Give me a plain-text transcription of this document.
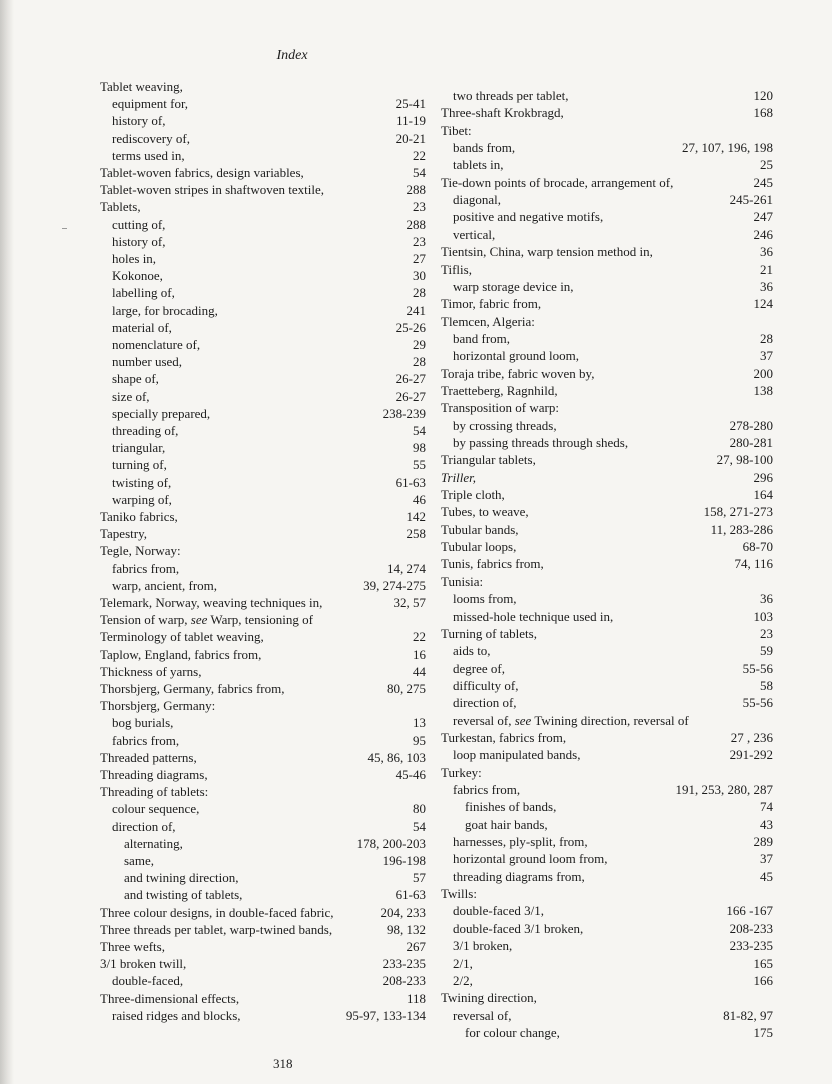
Index
Tablet weaving,
equipment for,	25-41
history of,	11-19
rediscovery of,	20-21
terms used in,	22
Tablet-woven fabrics, design variables,	54
Tablet-woven stripes in shaftwoven textile,	288
Tablets,	23
cutting of,	288
history of,	23
holes in,	27
Kokonoe,	30
labelling of,	28
large, for brocading,	241
material of,	25-26
nomenclature of,	29
number used,	28
shape of,	26-27
size of,	26-27
specially prepared,	238-239
threading of,	54
triangular,	98
turning of,	55
twisting of,	61-63
warping of,	46
Taniko fabrics,	142
Tapestry,	258
Tegle, Norway:
fabrics from,	14, 274
warp, ancient, from,	39, 274-275
Telemark, Norway, weaving techniques in,	32, 57
Tension of warp, see Warp, tensioning of
Terminology of tablet weaving,	22
Taplow, England, fabrics from,	16
Thickness of yarns,	44
Thorsbjerg, Germany, fabrics from,	80, 275
Thorsbjerg, Germany:
bog burials,	13
fabrics from,	95
Threaded patterns,	45, 86, 103
Threading diagrams,	45-46
Threading of tablets:
colour sequence,	80
direction of,	54
alternating,	178, 200-203
same,	196-198
and twining direction,	57
and twisting of tablets,	61-63
Three colour designs, in double-faced fabric,	204, 233
Three threads per tablet, warp-twined bands,	98, 132
Three wefts,	267
3/1 broken twill,	233-235
double-faced,	208-233
Three-dimensional effects,	118
raised ridges and blocks,	95-97, 133-134
two threads per tablet,	120
Three-shaft Krokbragd,	168
Tibet:
bands from,	27, 107, 196, 198
tablets in,	25
Tie-down points of brocade, arrangement of,	245
diagonal,	245-261
positive and negative motifs,	247
vertical,	246
Tientsin, China, warp tension method in,	36
Tiflis,	21
warp storage device in,	36
Timor, fabric from,	124
Tlemcen, Algeria:
band from,	28
horizontal ground loom,	37
Toraja tribe, fabric woven by,	200
Traetteberg, Ragnhild,	138
Transposition of warp:
by crossing threads,	278-280
by passing threads through sheds,	280-281
Triangular tablets,	27, 98-100
Triller,	296
Triple cloth,	164
Tubes, to weave,	158, 271-273
Tubular bands,	11, 283-286
Tubular loops,	68-70
Tunis, fabrics from,	74, 116
Tunisia:
looms from,	36
missed-hole technique used in,	103
Turning of tablets,	23
aids to,	59
degree of,	55-56
difficulty of,	58
direction of,	55-56
reversal of, see Twining direction, reversal of
Turkestan, fabrics from,	27 , 236
loop manipulated bands,	291-292
Turkey:
fabrics from,	191, 253, 280, 287
finishes of bands,	74
goat hair bands,	43
harnesses, ply-split, from,	289
horizontal ground loom from,	37
threading diagrams from,	45
Twills:
double-faced 3/1,	166 -167
double-faced 3/1 broken,	208-233
3/1 broken,	233-235
2/1,	165
2/2,	166
Twining direction,
reversal of,	81-82, 97
for colour change,	175
318
